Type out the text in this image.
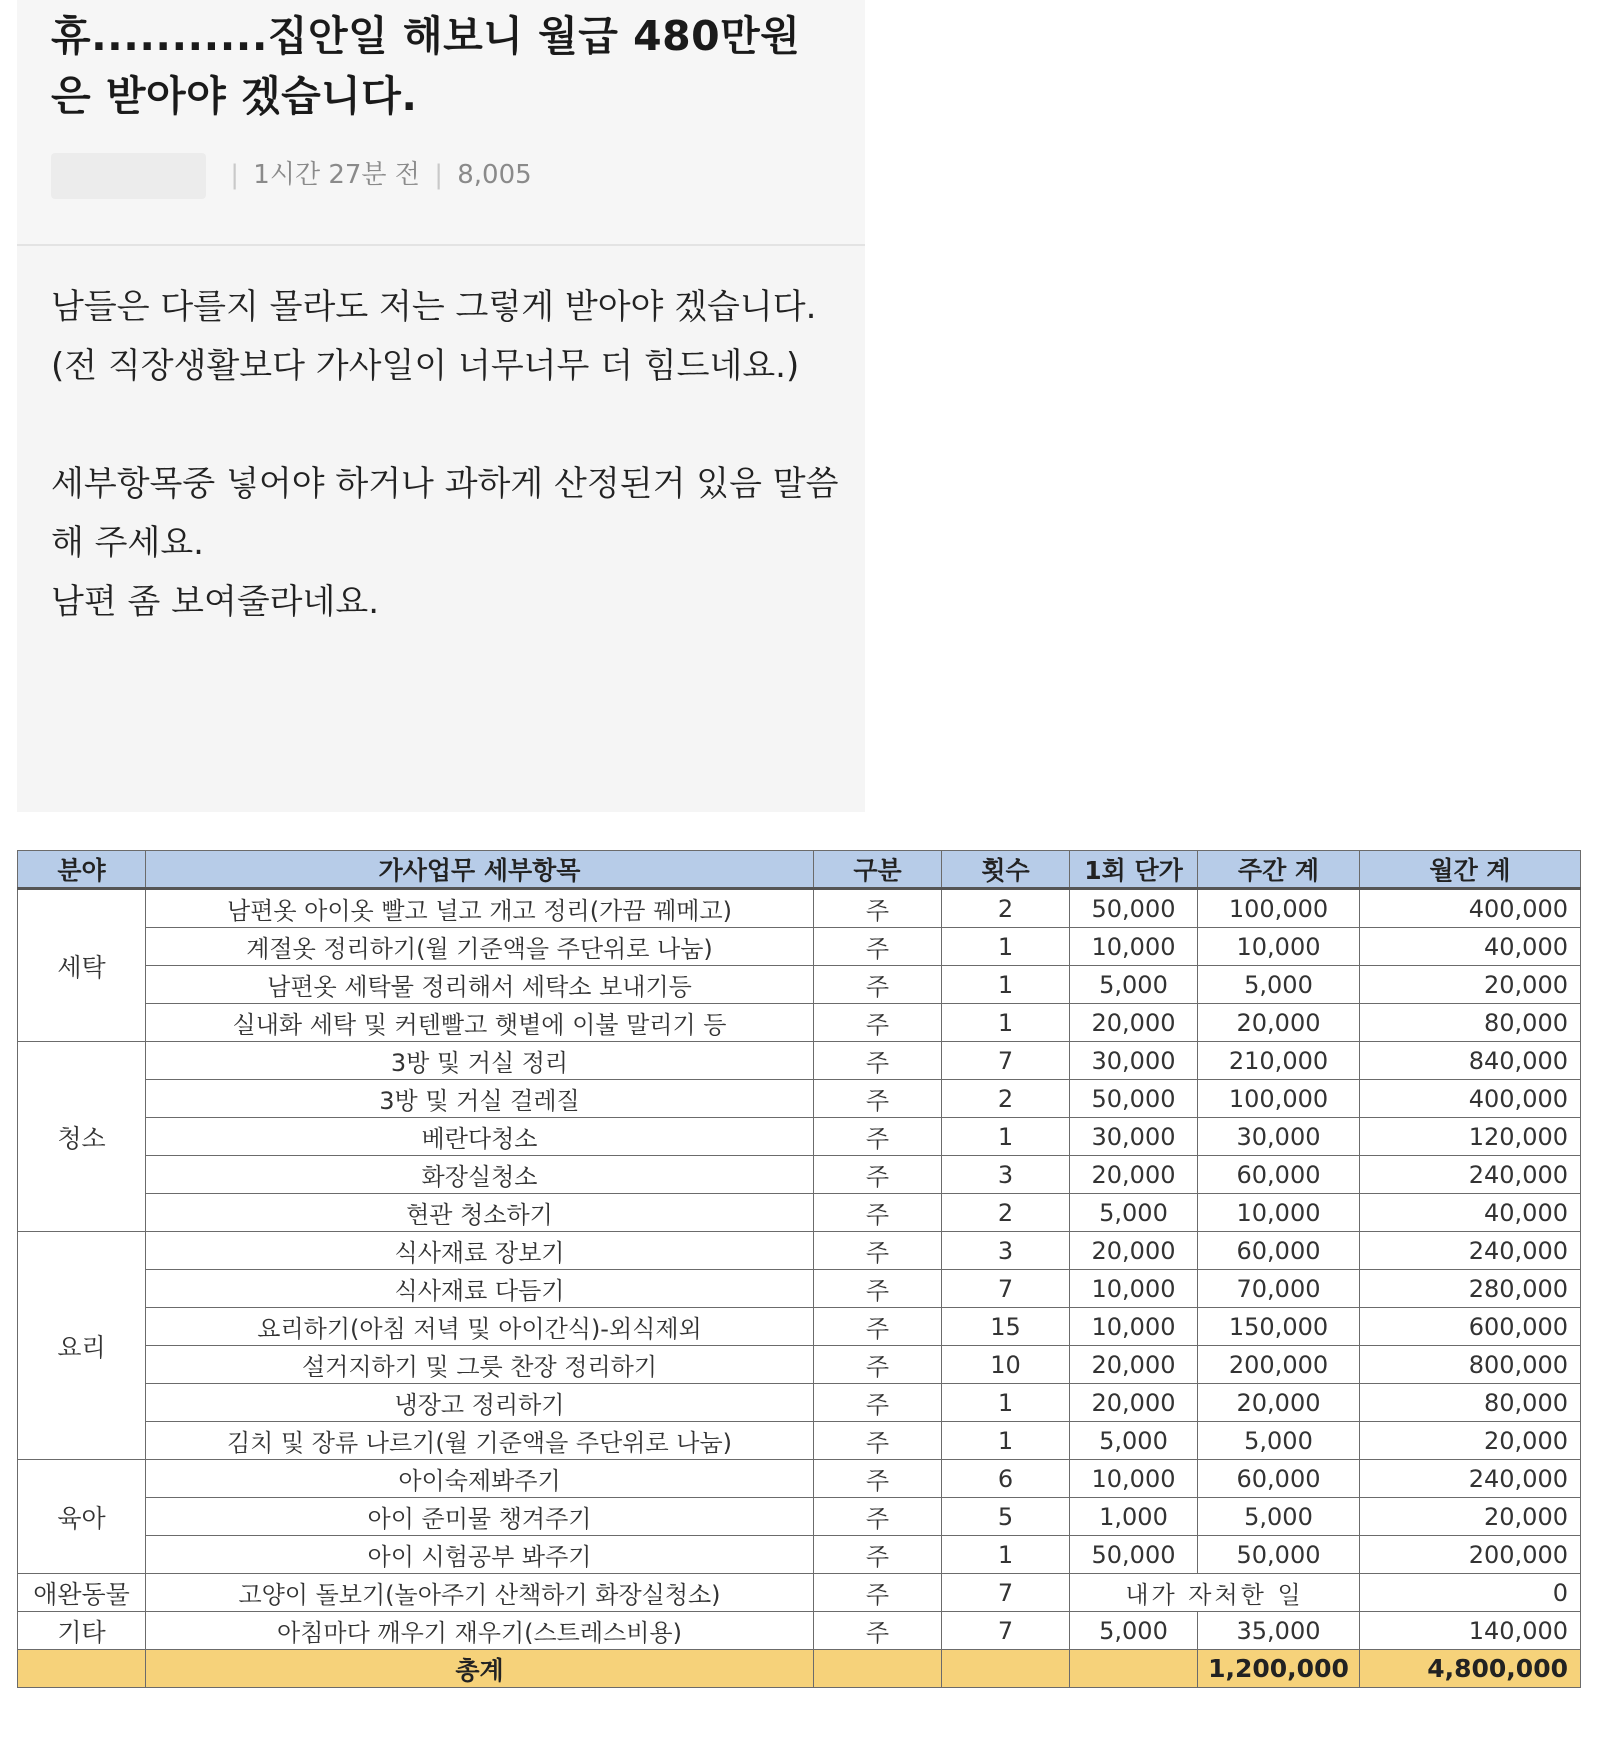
휴...........집안일 해보니 월급 480만원 은 받아야 겠습니다.
| 1시간 27분 전 | 8,005

남들은 다를지 몰라도 저는 그렇게 받아야 겠습니다.
(전 직장생활보다 가사일이 너무너무 더 힘드네요.)

세부항목중 넣어야 하거나 과하게 산정된거 있음 말씀해 주세요.
남편 좀 보여줄라네요.

분야	가사업무 세부항목	구분	횟수	1회 단가	주간 계	월간 계
세탁	남편옷 아이옷 빨고 널고 개고 정리(가끔 꿰메고)	주	2	50,000	100,000	400,000
	계절옷 정리하기(월 기준액을 주단위로 나눔)	주	1	10,000	10,000	40,000
	남편옷 세탁물 정리해서 세탁소 보내기등	주	1	5,000	5,000	20,000
	실내화 세탁 및 커텐빨고 햇볕에 이불 말리기 등	주	1	20,000	20,000	80,000
청소	3방 및 거실 정리	주	7	30,000	210,000	840,000
	3방 및 거실 걸레질	주	2	50,000	100,000	400,000
	베란다청소	주	1	30,000	30,000	120,000
	화장실청소	주	3	20,000	60,000	240,000
	현관 청소하기	주	2	5,000	10,000	40,000
요리	식사재료 장보기	주	3	20,000	60,000	240,000
	식사재료 다듬기	주	7	10,000	70,000	280,000
	요리하기(아침 저녁 및 아이간식)-외식제외	주	15	10,000	150,000	600,000
	설거지하기 및 그릇 찬장 정리하기	주	10	20,000	200,000	800,000
	냉장고 정리하기	주	1	20,000	20,000	80,000
	김치 및 장류 나르기(월 기준액을 주단위로 나눔)	주	1	5,000	5,000	20,000
육아	아이숙제봐주기	주	6	10,000	60,000	240,000
	아이 준미물 챙겨주기	주	5	1,000	5,000	20,000
	아이 시험공부 봐주기	주	1	50,000	50,000	200,000
애완동물	고양이 돌보기(놀아주기 산책하기 화장실청소)	주	7	내가 자처한 일		0
기타	아침마다 깨우기 재우기(스트레스비용)	주	7	5,000	35,000	140,000
	총계				1,200,000	4,800,000
